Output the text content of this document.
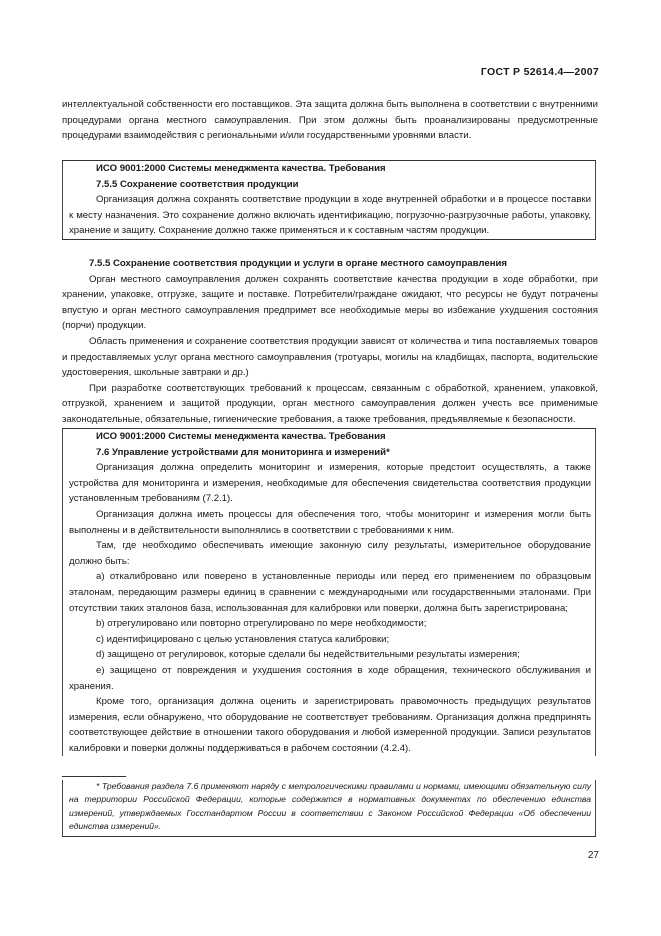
ГОСТ Р 52614.4—2007
интеллектуальной собственности его поставщиков. Эта защита должна быть выполнена в соответствии с внутренними процедурами органа местного самоуправления. При этом должны быть проанализированы предусмотренные процедурами взаимодействия с региональными и/или государственными уровнями власти.

ИСО 9001:2000 Системы менеджмента качества. Требования

7.5.5 Сохранение соответствия продукции

Организация должна сохранять соответствие продукции в ходе внутренней обработки и в процессе поставки к месту назначения. Это сохранение должно включать идентификацию, погрузочно-разгрузочные работы, упаковку, хранение и защиту. Сохранение должно также применяться и к составным частям продукции.

7.5.5 Сохранение соответствия продукции и услуги в органе местного самоуправления

Орган местного самоуправления должен сохранять соответствие качества продукции в ходе обработки, при хранении, упаковке, отгрузке, защите и поставке. Потребители/граждане ожидают, что ресурсы не будут потрачены впустую и орган местного самоуправления предпримет все необходимые меры во избежание ухудшения состояния (порчи) продукции.

Область применения и сохранение соответствия продукции зависят от количества и типа поставляемых товаров и предоставляемых услуг органа местного самоуправления (тротуары, могилы на кладбищах, паспорта, водительские удостоверения, школьные завтраки и др.)

При разработке соответствующих требований к процессам, связанным с обработкой, хранением, упаковкой, отгрузкой, хранением и защитой продукции, орган местного самоуправления должен учесть все применимые законодательные, обязательные, гигиенические требования, а также требования, предъявляемые к безопасности.

ИСО 9001:2000 Системы менеджмента качества. Требования

7.6 Управление устройствами для мониторинга и измерений*

Организация должна определить мониторинг и измерения, которые предстоит осуществлять, а также устройства для мониторинга и измерения, необходимые для обеспечения свидетельства соответствия продукции установленным требованиям (7.2.1).

Организация должна иметь процессы для обеспечения того, чтобы мониторинг и измерения могли быть выполнены и в действительности выполнялись в соответствии с требованиями к ним.

Там, где необходимо обеспечивать имеющие законную силу результаты, измерительное оборудование должно быть:

а) откалибровано или поверено в установленные периоды или перед его применением по образцовым эталонам, передающим размеры единиц в сравнении с международными или государственными эталонами. При отсутствии таких эталонов база, использованная для калибровки или поверки, должна быть зарегистрирована;

b) отрегулировано или повторно отрегулировано по мере необходимости;

c) идентифицировано с целью установления статуса калибровки;

d) защищено от регулировок, которые сделали бы недействительными результаты измерения;

e) защищено от повреждения и ухудшения состояния в ходе обращения, технического обслуживания и хранения.

Кроме того, организация должна оценить и зарегистрировать правомочность предыдущих результатов измерения, если обнаружено, что оборудование не соответствует требованиям. Организация должна предпринять соответствующее действие в отношении такого оборудования и любой измеренной продукции. Записи результатов калибровки и поверки должны поддерживаться в рабочем состоянии (4.2.4).

* Требования раздела 7.6 применяют наряду с метрологическими правилами и нормами, имеющими обязательную силу на территории Российской Федерации, которые содержатся в нормативных документах по обеспечению единства измерений, утверждаемых Госстандартом России в соответствии с Законом Российской Федерации «Об обеспечении единства измерений».

27
